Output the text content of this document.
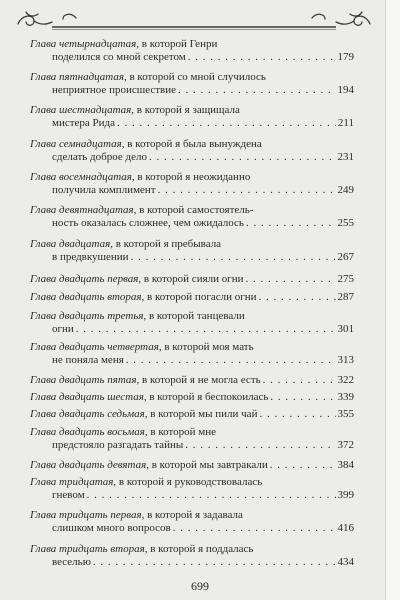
Глава четырнадцатая , в которой Генри
поделился со мной секретом . . .	179
Глава пятнадцатая , в которой со мной случилось
неприятное происшествие . . .	194
Глава шестнадцатая , в которой я защищала
мистера Рида . . .	211
Глава семнадцатая , в которой я была вынуждена
сделать доброе дело . . .	231
Глава восемнадцатая , в которой я неожиданно
получила комплимент . . .	249
Глава девятнадцатая , в которой самостоятель-
ность оказалась сложнее, чем ожидалось . . .	255
Глава двадцатая , в которой я пребывала
в предвкушении . . .	267
Глава двадцать первая , в которой сияли огни . . .	275
Глава двадцать вторая , в которой погасли огни . . .	287
Глава двадцать третья , в которой танцевали
огни . . .	301
Глава двадцать четвертая , в которой моя мать
не поняла меня . . .	313
Глава двадцать пятая , в которой я не могла есть . . .	322
Глава двадцать шестая , в которой я беспокоилась . . .	339
Глава двадцать седьмая , в которой мы пили чай . . .	355
Глава двадцать восьмая , в которой мне
предстояло разгадать тайны . . .	372
Глава двадцать девятая , в которой мы завтракали . . .	384
Глава тридцатая , в которой я руководствовалась
гневом . . .	399
Глава тридцать первая , в которой я задавала
слишком много вопросов . . .	416
Глава тридцать вторая , в которой я поддалась
веселью . . .	434
699
